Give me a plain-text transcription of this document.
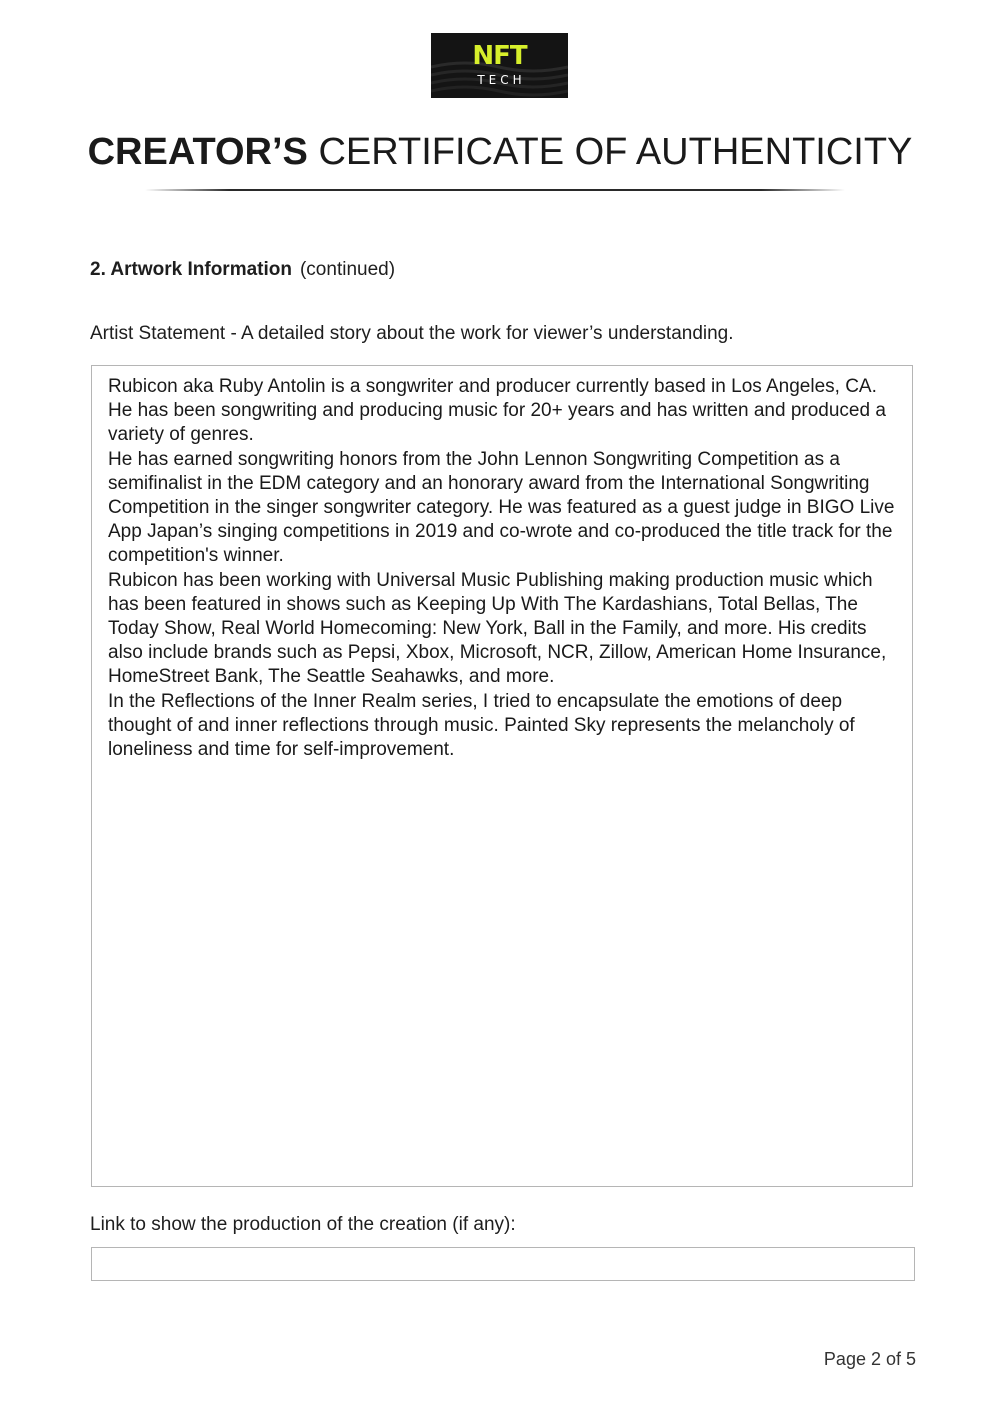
NFT
TECH
CREATOR’S CERTIFICATE OF AUTHENTICITY
2. Artwork Information (continued)
Artist Statement - A detailed story about the work for viewer’s understanding.

Rubicon aka Ruby Antolin is a songwriter and producer currently based in Los Angeles, CA. He has been songwriting and producing music for 20+ years and has written and produced a variety of genres.

He has earned songwriting honors from the John Lennon Songwriting Competition as a semifinalist in the EDM category and an honorary award from the International Songwriting Competition in the singer songwriter category. He was featured as a guest judge in BIGO Live App Japan’s singing competitions in 2019 and co-wrote and co-produced the title track for the competition's winner.

Rubicon has been working with Universal Music Publishing making production music which has been featured in shows such as Keeping Up With The Kardashians, Total Bellas, The Today Show, Real World Homecoming: New York, Ball in the Family, and more. His credits also include brands such as Pepsi, Xbox, Microsoft, NCR, Zillow, American Home Insurance, HomeStreet Bank, The Seattle Seahawks, and more.

In the Reflections of the Inner Realm series, I tried to encapsulate the emotions of deep thought of and inner reflections through music. Painted Sky represents the melancholy of loneliness and time for self-improvement.

Link to show the production of the creation (if any):
Page 2 of 5
